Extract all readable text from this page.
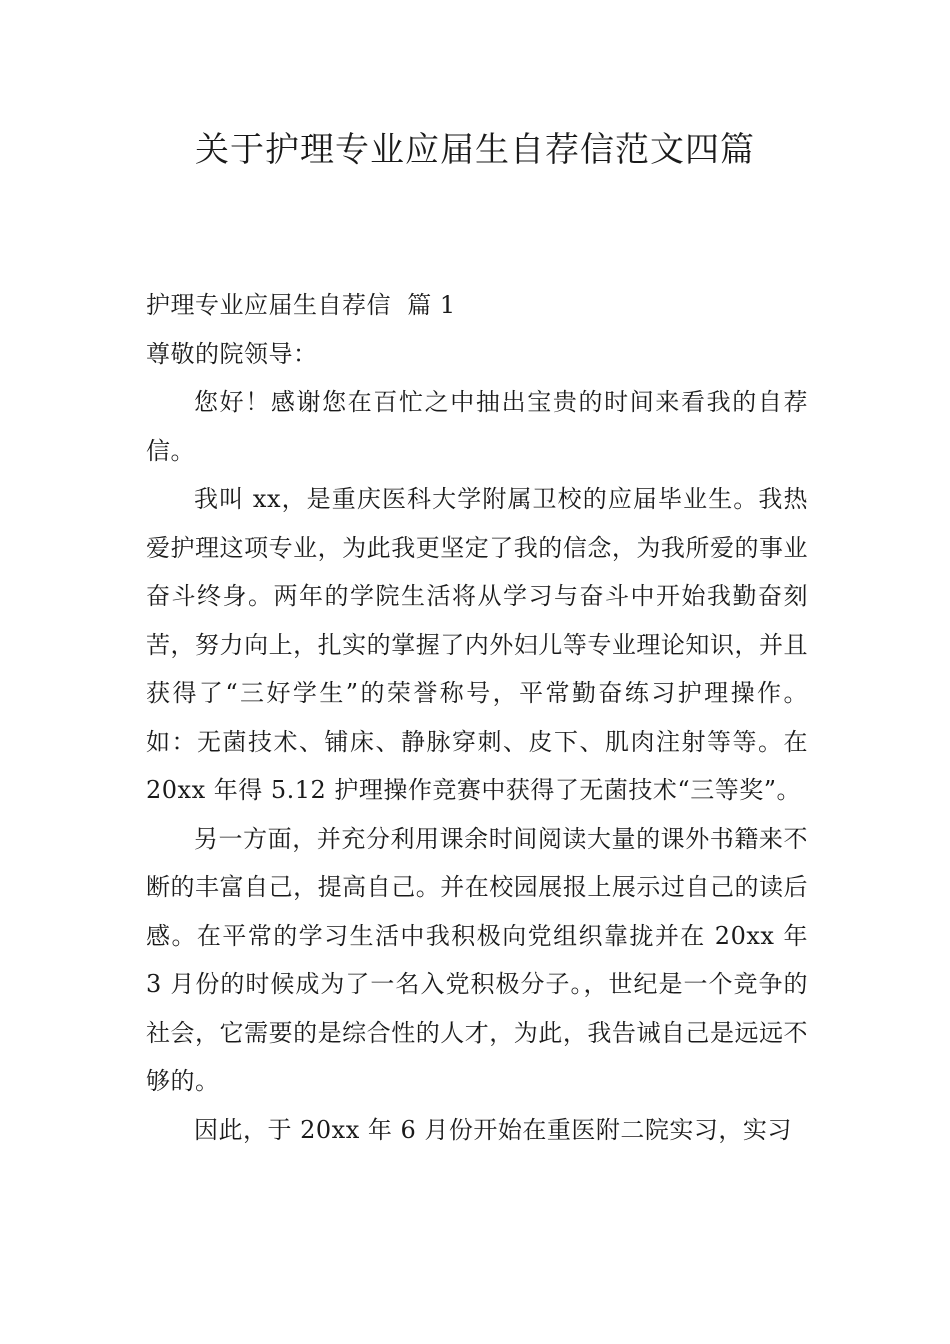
关于护理专业应届生自荐信范文四篇

护理专业应届生自荐信  篇 1

尊敬的院领导：

您好！感谢您在百忙之中抽出宝贵的时间来看我的自荐信。

我叫 xx，是重庆医科大学附属卫校的应届毕业生。我热爱护理这项专业，为此我更坚定了我的信念，为我所爱的事业奋斗终身。两年的学院生活将从学习与奋斗中开始我勤奋刻苦，努力向上，扎实的掌握了内外妇儿等专业理论知识，并且获得了“三好学生”的荣誉称号，平常勤奋练习护理操作。如：无菌技术、铺床、静脉穿刺、皮下、肌肉注射等等。在 20xx 年得 5.12 护理操作竞赛中获得了无菌技术“三等奖”。

另一方面，并充分利用课余时间阅读大量的课外书籍来不断的丰富自己，提高自己。并在校园展报上展示过自己的读后感。在平常的学习生活中我积极向党组织靠拢并在 20xx 年 3 月份的时候成为了一名入党积极分子。，世纪是一个竞争的社会，它需要的是综合性的人才，为此，我告诫自己是远远不够的。

因此，于 20xx 年 6 月份开始在重医附二院实习，实习
